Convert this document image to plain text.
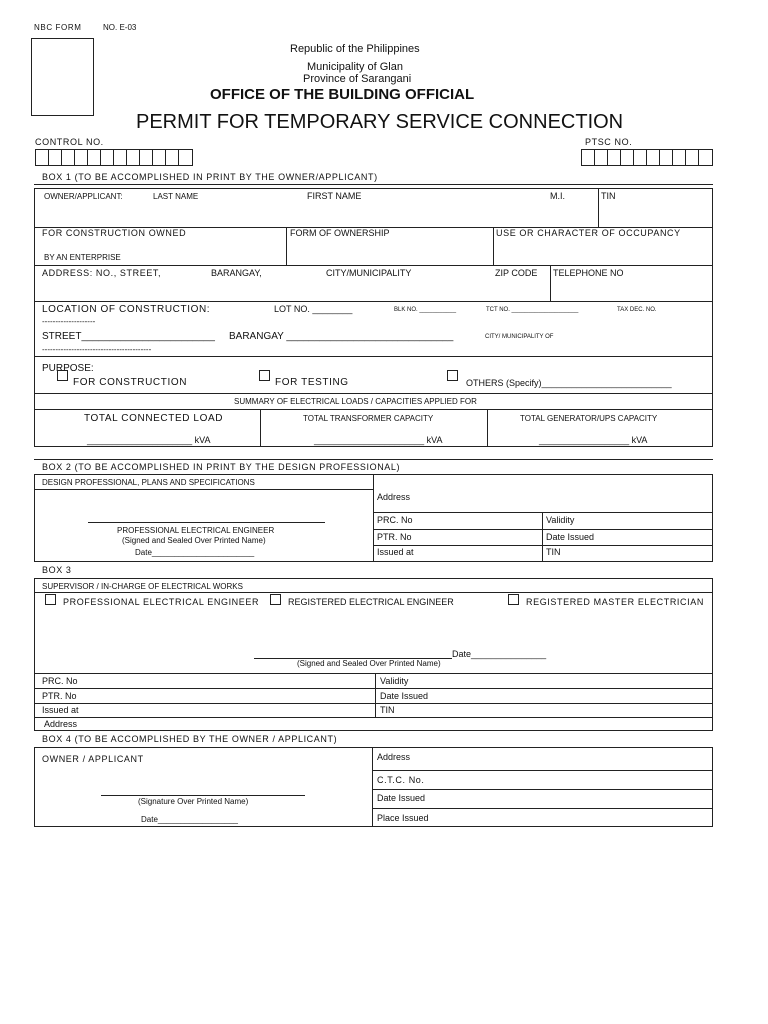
NBC FORM	NO. E-03
Republic of the Philippines
Municipality of Glan
Province of Sarangani
OFFICE OF THE BUILDING OFFICIAL
PERMIT FOR TEMPORARY SERVICE CONNECTION
CONTROL NO.	PTSC NO.
BOX 1 (TO BE ACCOMPLISHED IN PRINT BY THE OWNER/APPLICANT)
OWNER/APPLICANT:	LAST NAME	FIRST NAME	M.I.	TIN
FOR CONSTRUCTION OWNED
BY AN ENTERPRISE
FORM OF OWNERSHIP	USE OR CHARACTER OF OCCUPANCY
ADDRESS: NO., STREET,	BARANGAY,	CITY/MUNICIPALITY	ZIP CODE TELEPHONE NO
LOCATION OF CONSTRUCTION:	LOT NO. ________	BLK NO. ___________	TCT NO. ____________________	TAX DEC. NO.
--------------------
STREET________________________ BARANGAY ______________________________	CITY/ MUNICIPALITY OF
-----------------------------------------
PURPOSE:
FOR CONSTRUCTION	FOR TESTING	OTHERS (Specify)__________________________
SUMMARY OF ELECTRICAL LOADS / CAPACITIES APPLIED FOR
TOTAL CONNECTED LOAD	TOTAL TRANSFORMER CAPACITY	TOTAL GENERATOR/UPS CAPACITY
_____________________ kVA	______________________ kVA	__________________ kVA
BOX 2 (TO BE ACCOMPLISHED IN PRINT BY THE DESIGN PROFESSIONAL)
DESIGN PROFESSIONAL, PLANS AND SPECIFICATIONS
Address
PRC. No	Validity
PTR. No	Date Issued
Issued at	TIN
PROFESSIONAL ELECTRICAL ENGINEER
(Signed and Sealed Over Printed Name)
Date_______________________
BOX 3
SUPERVISOR / IN-CHARGE OF ELECTRICAL WORKS
PROFESSIONAL ELECTRICAL ENGINEER	REGISTERED ELECTRICAL ENGINEER	REGISTERED MASTER ELECTRICIAN
Date_______________
(Signed and Sealed Over Printed Name)
PRC. No	Validity
PTR. No	Date Issued
Issued at	TIN
Address
BOX 4 (TO BE ACCOMPLISHED BY THE OWNER / APPLICANT)
OWNER / APPLICANT	Address
C.T.C. No.
Date Issued
Place Issued
(Signature Over Printed Name)
Date__________________
